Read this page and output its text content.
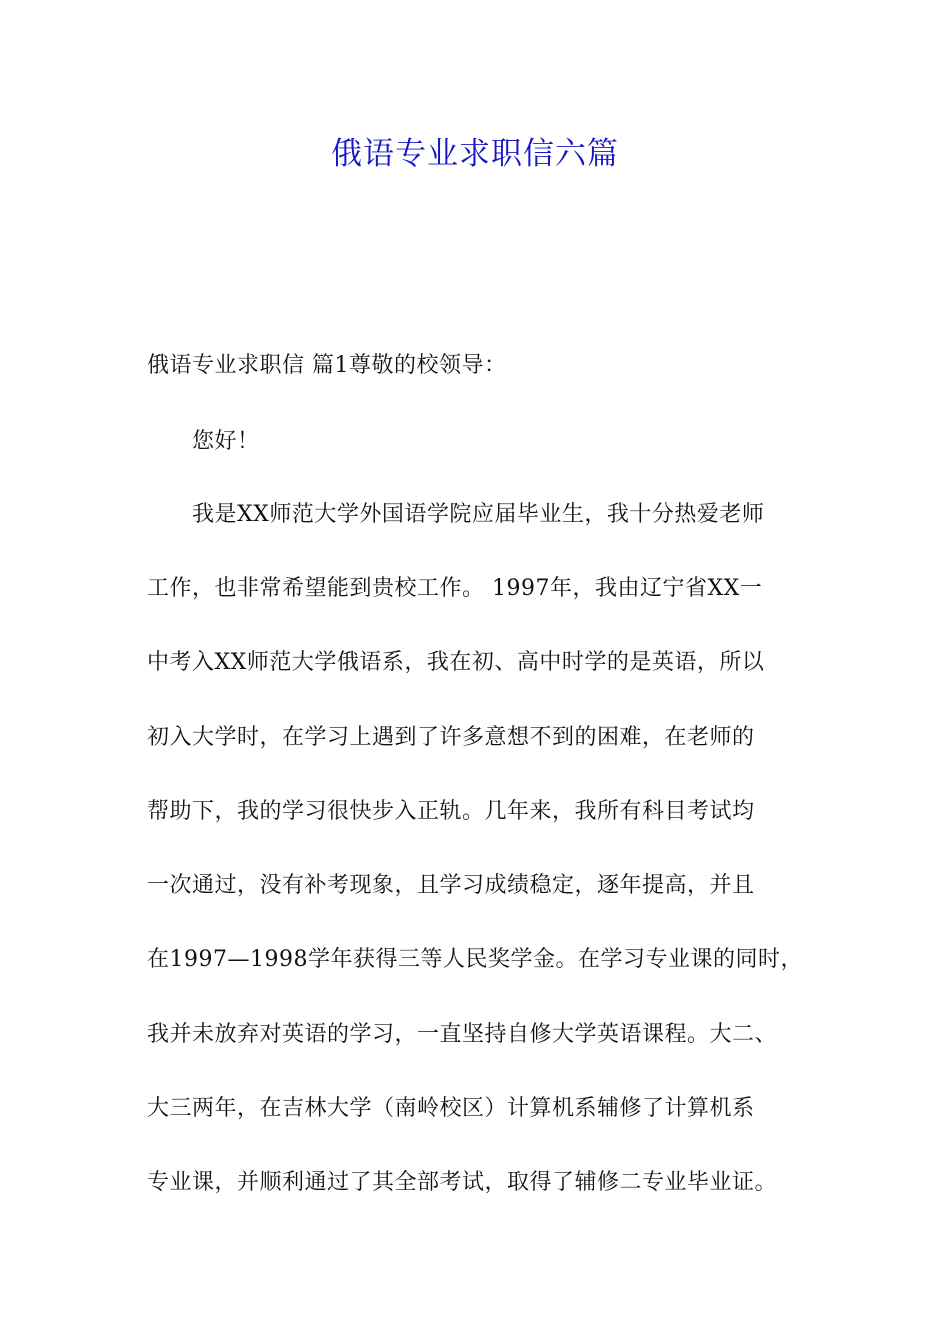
俄语专业求职信六篇
俄语专业求职信 篇1尊敬的校领导：
您好！
我是XX师范大学外国语学院应届毕业生，我十分热爱老师
工作，也非常希望能到贵校工作。 1997年，我由辽宁省XX一
中考入XX师范大学俄语系，我在初、高中时学的是英语，所以
初入大学时，在学习上遇到了许多意想不到的困难，在老师的
帮助下，我的学习很快步入正轨。几年来，我所有科目考试均
一次通过，没有补考现象，且学习成绩稳定，逐年提高，并且
在1997—1998学年获得三等人民奖学金。在学习专业课的同时，
我并未放弃对英语的学习，一直坚持自修大学英语课程。大二、
大三两年，在吉林大学（南岭校区）计算机系辅修了计算机系
专业课，并顺利通过了其全部考试，取得了辅修二专业毕业证。
